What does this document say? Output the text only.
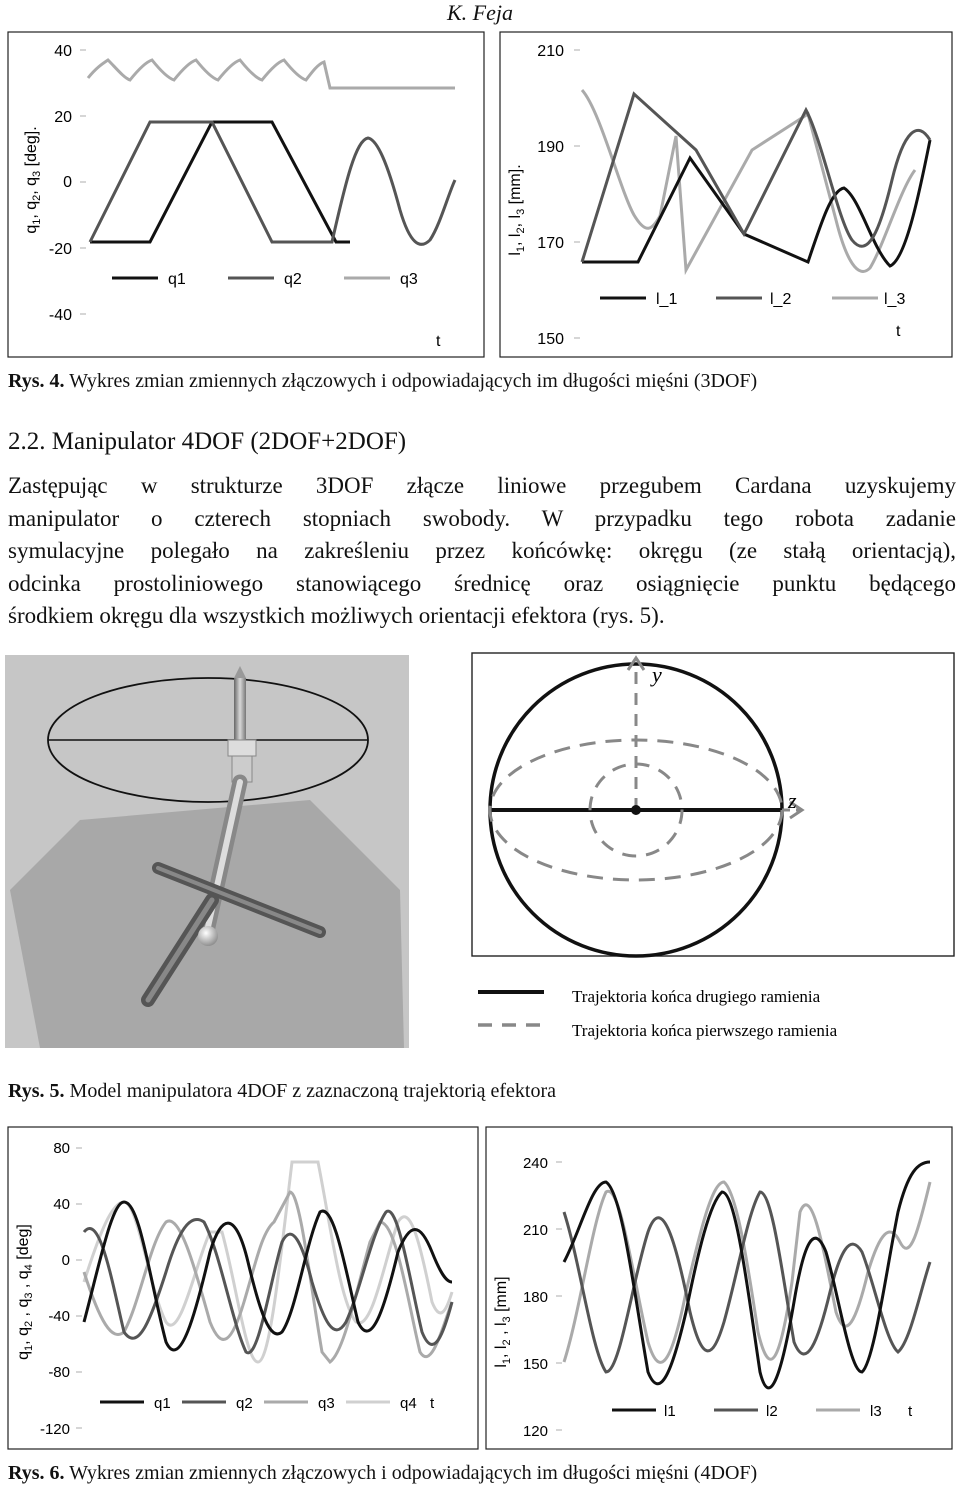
K. Feja
$q_1$, $q_2$, $q_3$ [deg].
40
20
0
-20
-40
q1	q2	q3
t
$l_1$, $l_2$, $l_3$ [mm].
210
190
170
150
l_1	l_2	l_3
t
Rys. 4. Wykres zmian zmiennych złączowych i odpowiadających im długości mięśni (3DOF)
2.2. Manipulator 4DOF (2DOF+2DOF)
Zastępując w strukturze 3DOF złącze liniowe przegubem Cardana uzyskujemy
manipulator o czterech stopniach swobody. W przypadku tego robota zadanie
symulacyjne polegało na zakreśleniu przez końcówkę: okręgu (ze stałą orientacją),
odcinka prostoliniowego stanowiącego średnicę oraz osiągnięcie punktu będącego
środkiem okręgu dla wszystkich możliwych orientacji efektora (rys. 5).
y
z
Trajektoria końca drugiego ramienia
Trajektoria końca pierwszego ramienia
Rys. 5. Model manipulatora 4DOF z zaznaczoną trajektorią efektora
$q_1$, $q_2$ , $q_3$ , $q_4$ [deg]
80
40
0
-40
-80
-120
q1	q2	q3	q4 t
$l_1$, $l_2$ , $l_3$ [mm]
240
210
180
150
120
l1	l2	l3 t
Rys. 6. Wykres zmian zmiennych złączowych i odpowiadających im długości mięśni (4DOF)
